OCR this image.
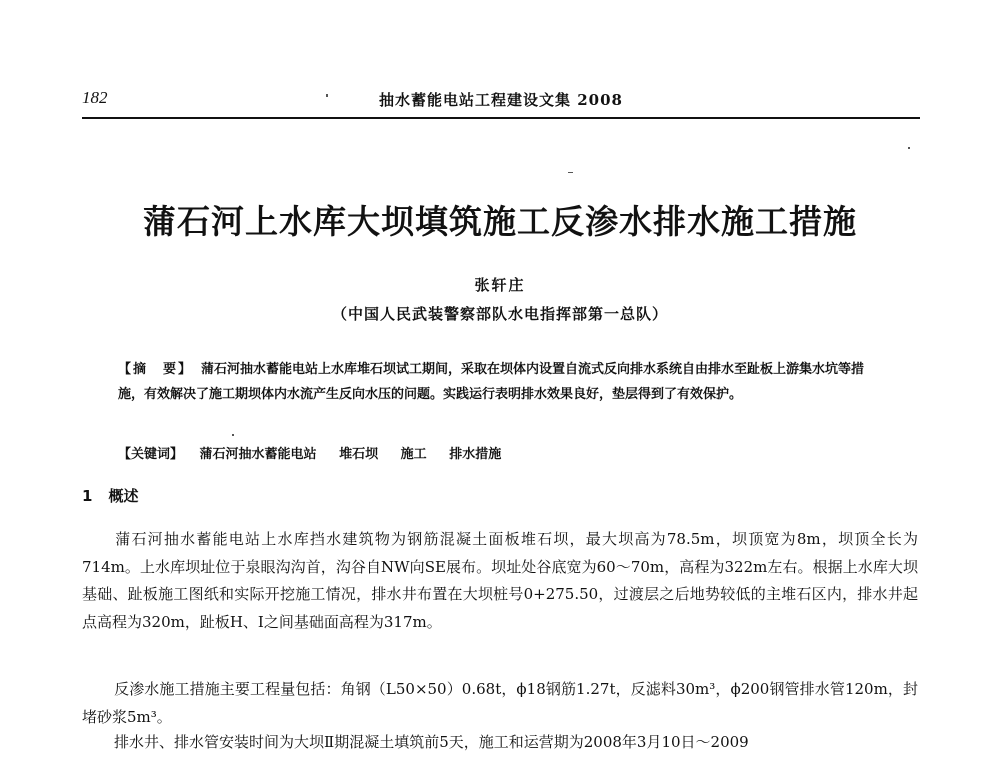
182	抽水蓄能电站工程建设文集 2008
蒲石河上水库大坝填筑施工反渗水排水施工措施
张轩庄
（中国人民武装警察部队水电指挥部第一总队）
【摘　要】 蒲石河抽水蓄能电站上水库堆石坝试工期间，采取在坝体内设置自流式反向排水系统自由排水至趾板上游集水坑等措施，有效解决了施工期坝体内水流产生反向水压的问题。实践运行表明排水效果良好，垫层得到了有效保护。
【关键词】 蒲石河抽水蓄能电站 堆石坝 施工 排水措施
1 概述
蒲石河抽水蓄能电站上水库挡水建筑物为钢筋混凝土面板堆石坝，最大坝高为78.5m，坝顶宽为8m，坝顶全长为714m。上水库坝址位于泉眼沟沟首，沟谷自NW向SE展布。坝址处谷底宽为60～70m，高程为322m左右。根据上水库大坝基础、趾板施工图纸和实际开挖施工情况，排水井布置在大坝桩号0+275.50，过渡层之后地势较低的主堆石区内，排水井起点高程为320m，趾板H、I之间基础面高程为317m。
反渗水施工措施主要工程量包括：角钢（L50×50）0.68t，ϕ18钢筋1.27t，反滤料30m³，ϕ200钢管排水管120m，封堵砂浆5m³。
排水井、排水管安装时间为大坝Ⅱ期混凝土填筑前5天，施工和运营期为2008年3月10日～2009
